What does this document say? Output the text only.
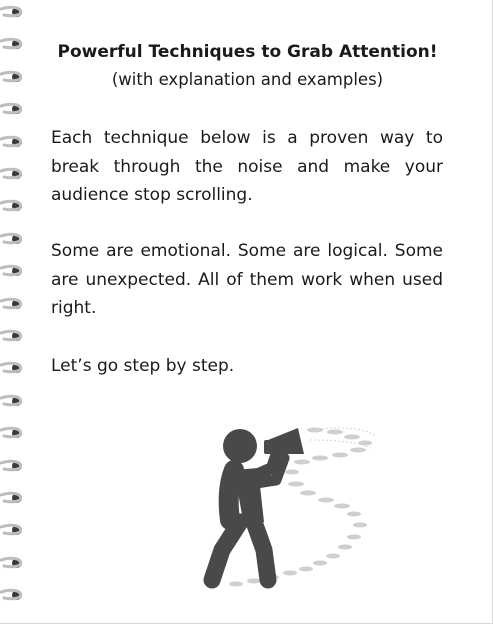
Powerful Techniques to Grab Attention!
(with explanation and examples)
Each technique below is a proven way to break through the noise and make your audience stop scrolling.
Some are emotional. Some are logical. Some are unexpected. All of them work when used right.
Let’s go step by step.
